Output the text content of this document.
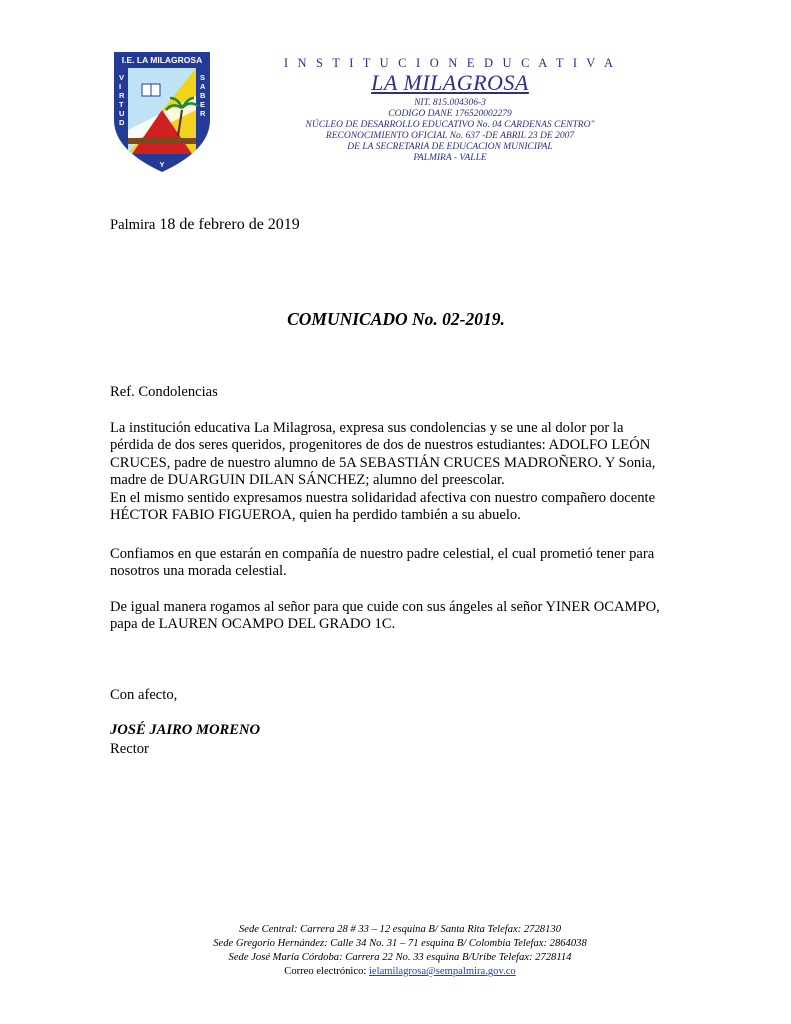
I.E. LA MILAGROSA
V I R T U D
S A B E R
Y
I N S T I T U C I O N E D U C A T I V A
LA MILAGROSA
NIT. 815.004306-3
CODIGO DANE 176520002279
NÚCLEO DE DESARROLLO EDUCATIVO No. 04 CARDENAS CENTRO"
RECONOCIMIENTO OFICIAL No. 637 -DE ABRIL 23 DE 2007
DE LA SECRETARIA DE EDUCACION MUNICIPAL
PALMIRA - VALLE
Palmira 18 de febrero de 2019
COMUNICADO No. 02-2019.
Ref. Condolencias
La institución educativa La Milagrosa, expresa sus condolencias y se une al dolor por la
pérdida de dos seres queridos, progenitores de dos de nuestros estudiantes: ADOLFO LEÓN
CRUCES, padre de nuestro alumno de 5A SEBASTIÁN CRUCES MADROÑERO. Y Sonia,
madre de DUARGUIN DILAN SÁNCHEZ; alumno del preescolar.
En el mismo sentido expresamos nuestra solidaridad afectiva con nuestro compañero docente
HÉCTOR FABIO FIGUEROA, quien ha perdido también a su abuelo.
Confiamos en que estarán en compañía de nuestro padre celestial, el cual prometió tener para
nosotros una morada celestial.
De igual manera rogamos al señor para que cuide con sus ángeles al señor YINER OCAMPO,
papa de LAUREN OCAMPO DEL GRADO 1C.
Con afecto,
JOSÉ JAIRO MORENO
Rector
Sede Central: Carrera 28 # 33 – 12 esquina B/ Santa Rita Telefax: 2728130
Sede Gregorio Hernández: Calle 34 No. 31 – 71 esquina B/ Colombia Telefax: 2864038
Sede José María Córdoba: Carrera 22 No. 33 esquina B/Uribe Telefax: 2728114
Correo electrónico: ielamilagrosa@sempalmira.gov.co
